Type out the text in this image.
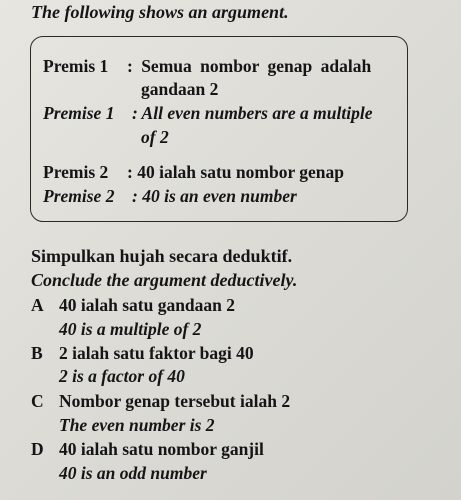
The following shows an argument.
Premis 1 : Semua nombor genap adalah
gandaan 2
Premise 1 : All even numbers are a multiple
of 2
Premis 2 : 40 ialah satu nombor genap
Premise 2 : 40 is an even number
Simpulkan hujah secara deduktif.
Conclude the argument deductively.
A 40 ialah satu gandaan 2
40 is a multiple of 2
B 2 ialah satu faktor bagi 40
2 is a factor of 40
C Nombor genap tersebut ialah 2
The even number is 2
D 40 ialah satu nombor ganjil
40 is an odd number
